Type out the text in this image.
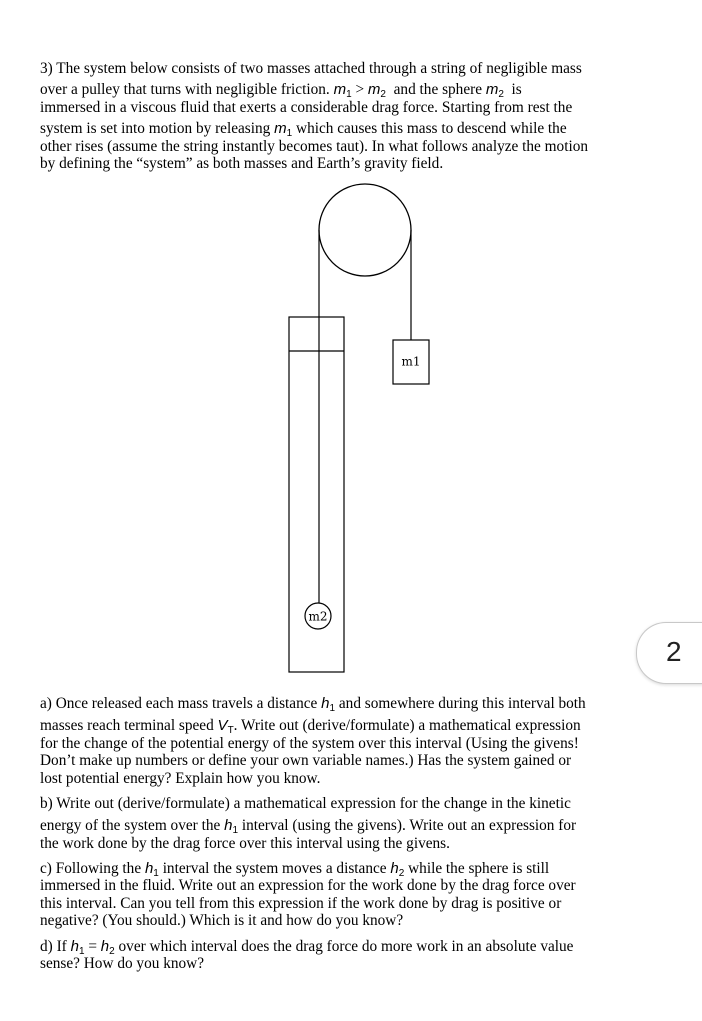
3) The system below consists of two masses attached through a string of negligible mass
over a pulley that turns with negligible friction. $m_1 > m_2$ and the sphere $m_2$ is
immersed in a viscous fluid that exerts a considerable drag force. Starting from rest the
system is set into motion by releasing $m_1$ which causes this mass to descend while the
other rises (assume the string instantly becomes taut). In what follows analyze the motion
by defining the “system” as both masses and Earth’s gravity field.
m1
m2
2
a) Once released each mass travels a distance $h_1$ and somewhere during this interval both
masses reach terminal speed $V_T$. Write out (derive/formulate) a mathematical expression
for the change of the potential energy of the system over this interval (Using the givens!
Don’t make up numbers or define your own variable names.) Has the system gained or
lost potential energy? Explain how you know.
b) Write out (derive/formulate) a mathematical expression for the change in the kinetic
energy of the system over the $h_1$ interval (using the givens). Write out an expression for
the work done by the drag force over this interval using the givens.
c) Following the $h_1$ interval the system moves a distance $h_2$ while the sphere is still
immersed in the fluid. Write out an expression for the work done by the drag force over
this interval. Can you tell from this expression if the work done by drag is positive or
negative? (You should.) Which is it and how do you know?
d) If $h_1 = h_2$ over which interval does the drag force do more work in an absolute value
sense? How do you know?
